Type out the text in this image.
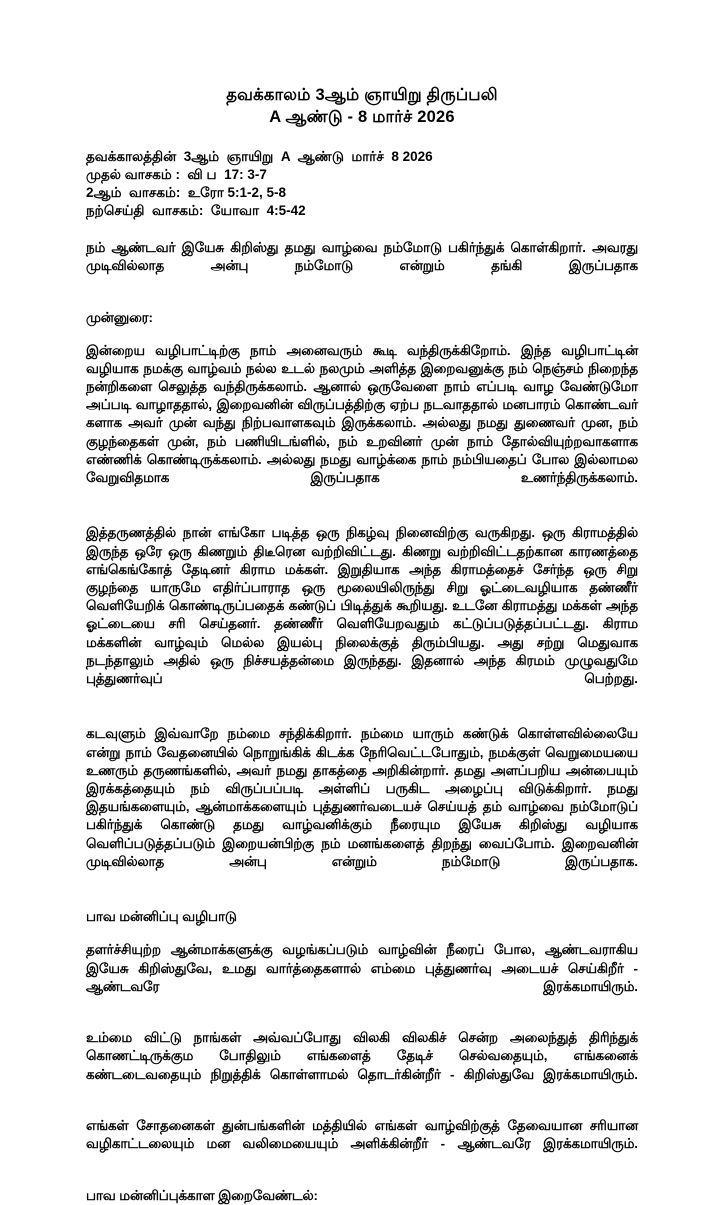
தவக்காலம் 3ஆம் ஞாயிறு திருப்பலி
A ஆண்டு - 8 மார்ச் 2026
தவக்காலத்தின்  3ஆம்  ஞாயிறு  A  ஆண்டு  மார்ச்  8 2026
முதல் வாசகம் :  வி ப  17: 3-7
2ஆம்  வாசகம்:  உரோ 5:1-2, 5-8
நற்செய்தி  வாசகம்:  யோவா  4:5-42

நம் ஆண்டவர் இயேசு கிறிஸ்து தமது வாழ்வை நம்மோடு பகிர்ந்துக் கொள்கிறார். அவரது முடிவில்லாத அன்பு நம்மோடு என்றும் தங்கி இருப்பதாக

முன்னுரை:

இன்றைய வழிபாட்டிற்கு நாம் அனைவரும் கூடி வந்திருக்கிறோம். இந்த வழிபாட்டின் வழியாக நமக்கு வாழ்வம் நல்ல உடல் நலமும் அளித்த இறைவனுக்கு நம் நெஞ்சம் நிறைந்த நன்றிகளை செலுத்த வந்திருக்கலாம். ஆனால் ஒருவேளை நாம் எப்படி வாழ வேண்டுமோ அப்படி வாழாததால், இறைவனின் விருப்பத்திற்கு ஏற்ப நடவாததால் மனபாரம் கொண்டவர் களாக அவர் முன் வந்து நிற்பவாளகவும் இருக்கலாம். அல்லது நமது துணைவர் முன, நம் குழந்தைகள் முன், நம் பணியிடங்ளில், நம் உறவினர் முன் நாம் தோல்வியுற்றவாகளாக எண்ணிக் கொண்டிருக்கலாம். அல்லது நமது வாழ்க்கை நாம் நம்பியதைப் போல இல்லாமல வேறுவிதமாக இருப்பதாக உணர்ந்திருக்கலாம்.

இத்தருணத்தில் நான் எங்கோ படித்த ஒரு நிகழ்வு நினைவிற்கு வருகிறது. ஒரு கிராமத்தில் இருந்த ஒரே ஒரு கிணறும் திடீரென வற்றிவிட்டது. கிணறு வற்றிவிட்டதற்கான காரணத்தை எங்கெங்கோத் தேடினர் கிராம மக்கள். இறுதியாக அந்த கிராமத்தைச் சேர்ந்த ஒரு சிறு குழந்தை யாருமே எதிர்ப்பாராத ஒரு மூலையிலிருந்து சிறு ஓட்டைவழியாக தண்ணீர் வெளியேறிக் கொண்டிருப்பதைக் கண்டுப் பிடித்துக் கூறியது. உடனே கிராமத்து மக்கள் அந்த ஓட்டையை சரி செய்தனர். தண்ணீர் வெளியேறவதும் கட்டுப்படுத்தப்பட்டது. கிராம மக்களின் வாழ்வும் மெல்ல இயல்பு நிலைக்குத் திரும்பியது. அது சற்று மெதுவாக நடந்தாலும் அதில் ஒரு நிச்சயத்தன்மை இருந்தது. இதனால் அந்த கிரமம் முழுவதுமே புத்துணர்வுப் பெற்றது.

கடவுளும் இவ்வாறே நம்மை சந்திக்கிறார். நம்மை யாரும் கண்டுக் கொள்ளவில்லையே என்று நாம் வேதனையில் நொறுங்கிக் கிடக்க நேரிவெட்டபோதும், நமக்குள் வெறுமையயை உணரும் தருணங்களில், அவர் நமது தாகத்தை அறிகின்றார். தமது அளப்பறிய அன்பையும் இரக்கத்தையும் நம் விருப்பப்படி அள்ளிப் பருகிட அழைப்பு விடுக்கிறார். நமது இதயங்களையும், ஆன்மாக்களையும் புத்துணர்வடையச் செய்யத் தம் வாழ்வை நம்மோடுப் பகிர்ந்துக் கொண்டு தமது வாழ்வனிக்கும் நீரையும இயேசு கிறிஸ்து வழியாக வெளிப்படுத்தப்படும் இறையன்பிற்கு நம் மனங்களைத் திறந்து வைப்போம். இறைவனின் முடிவில்லாத அன்பு என்றும் நம்மோடு இருப்பதாக.

பாவ மன்னிப்பு வழிபாடு

தளர்ச்சியுற்ற ஆன்மாக்களுக்கு வழங்கப்படும் வாழ்வின் நீரைப் போல, ஆண்டவராகிய இயேசு கிறிஸ்துவே, உமது வார்த்தைகளால் எம்மை புத்துணர்வு அடையச் செய்கிறீர் - ஆண்டவரே இரக்கமாயிரும்.

உம்மை விட்டு நாங்கள் அவ்வப்போது விலகி விலகிச் சென்ற அலைந்துத் திரிந்துக் கொணட்டிருக்கும போதிலும் எங்களைத் தேடிச் செல்வதையும், எங்கனைக் கண்டடைவதையும் நிறுத்திக் கொள்ளாமல் தொடர்கின்றீர் - கிறிஸ்துவே இரக்கமாயிரும்.

எங்கள் சோதனைகள் துன்பங்களின் மத்தியில் எங்கள் வாழ்விற்குத் தேவையான சரியான வழிகாட்டலையும் மன வலிமையையும் அளிக்கின்றீர் - ஆண்டவரே இரக்கமாயிரும்.

பாவ மன்னிப்புக்காள இறைவேண்டல்:
